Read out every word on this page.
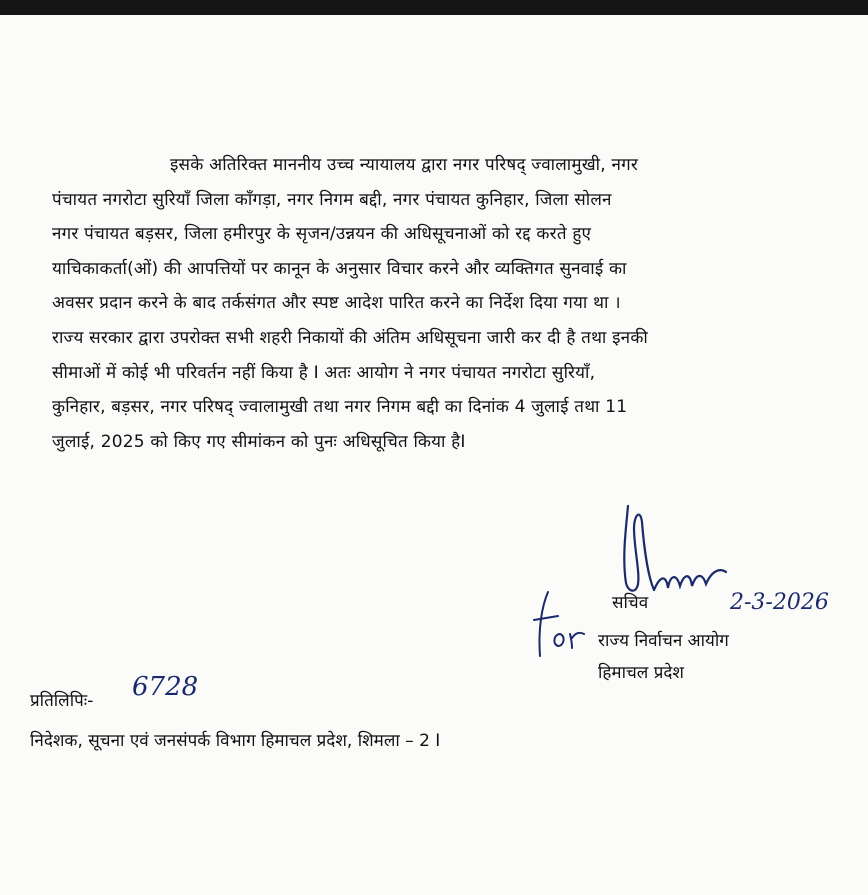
इसके अतिरिक्त माननीय उच्च न्यायालय द्वारा नगर परिषद् ज्वालामुखी, नगर
पंचायत नगरोटा सुरियाँ जिला काँगड़ा, नगर निगम बद्दी, नगर पंचायत कुनिहार, जिला सोलन
नगर पंचायत बड़सर, जिला हमीरपुर के सृजन/उन्नयन की अधिसूचनाओं को रद्द करते हुए
याचिकाकर्ता(ओं) की आपत्तियों पर कानून के अनुसार विचार करने और व्यक्तिगत सुनवाई का
अवसर प्रदान करने के बाद तर्कसंगत और स्पष्ट आदेश पारित करने का निर्देश दिया गया था ।
राज्य सरकार द्वारा उपरोक्त सभी शहरी निकायों की अंतिम अधिसूचना जारी कर दी है तथा इनकी
सीमाओं में कोई भी परिवर्तन नहीं किया है I अतः आयोग ने नगर पंचायत नगरोटा सुरियाँ,
कुनिहार, बड़सर, नगर परिषद् ज्वालामुखी तथा नगर निगम बद्दी का दिनांक 4 जुलाई तथा 11
जुलाई, 2025 को किए गए सीमांकन को पुनः अधिसूचित किया हैI
सचिव	2-3-2026
राज्य निर्वाचन आयोग
हिमाचल प्रदेश
प्रतिलिपिः- 6728
निदेशक, सूचना एवं जनसंपर्क विभाग हिमाचल प्रदेश, शिमला – 2 I
